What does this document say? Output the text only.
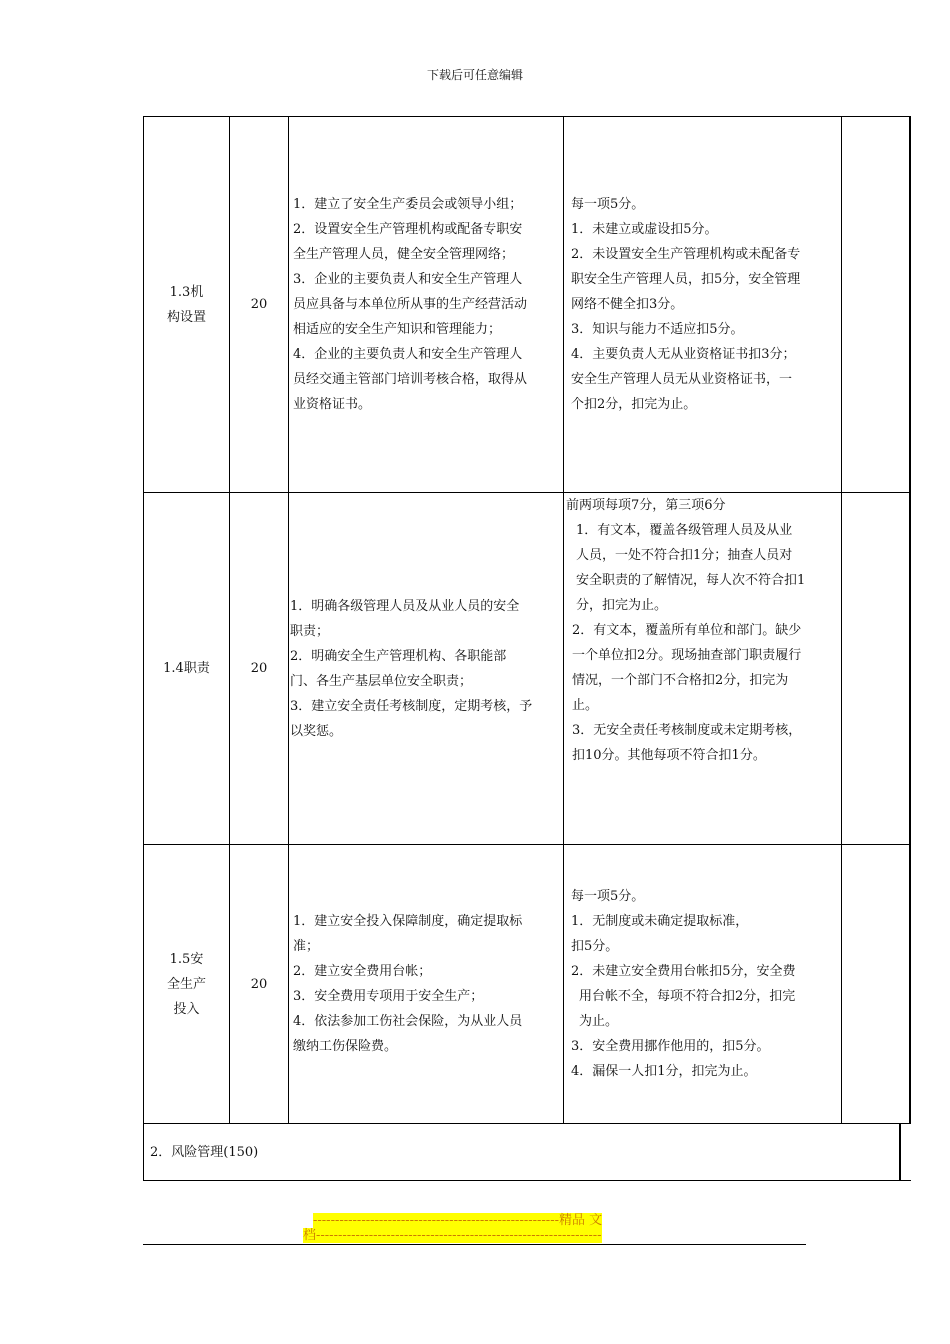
下载后可任意编辑
1.3机
构设置
20
1．建立了安全生产委员会或领导小组；
2．设置安全生产管理机构或配备专职安
全生产管理人员，健全安全管理网络；
3．企业的主要负责人和安全生产管理人
员应具备与本单位所从事的生产经营活动
相适应的安全生产知识和管理能力；
4．企业的主要负责人和安全生产管理人
员经交通主管部门培训考核合格，取得从
业资格证书。
每一项5分。
1．未建立或虚设扣5分。
2．未设置安全生产管理机构或未配备专
职安全生产管理人员，扣5分，安全管理
网络不健全扣3分。
3．知识与能力不适应扣5分。
4．主要负责人无从业资格证书扣3分；
安全生产管理人员无从业资格证书，一
个扣2分，扣完为止。
1.4职责	20
1．明确各级管理人员及从业人员的安全
职责；
2．明确安全生产管理机构、各职能部
门、各生产基层单位安全职责；
3．建立安全责任考核制度，定期考核，予
以奖惩。
前两项每项7分，第三项6分
1．有文本，覆盖各级管理人员及从业
人员，一处不符合扣1分；抽查人员对
安全职责的了解情况，每人次不符合扣1
分，扣完为止。
2．有文本，覆盖所有单位和部门。缺少
一个单位扣2分。现场抽查部门职责履行
情况，一个部门不合格扣2分，扣完为
止。
3．无安全责任考核制度或未定期考核，
扣10分。其他每项不符合扣1分。
1.5安
全生产
投入
20
1．建立安全投入保障制度，确定提取标
准；
2．建立安全费用台帐；
3．安全费用专项用于安全生产；
4．依法参加工伤社会保险，为从业人员
缴纳工伤保险费。
每一项5分。
1．无制度或未确定提取标准，
扣5分。
2．未建立安全费用台帐扣5分，安全费
用台帐不全，每项不符合扣2分，扣完
为止。
3．安全费用挪作他用的，扣5分。
4．漏保一人扣1分，扣完为止。
2．风险管理(150)
--------------------------------------------------------精品 文
档-----------------------------------------------------------------
